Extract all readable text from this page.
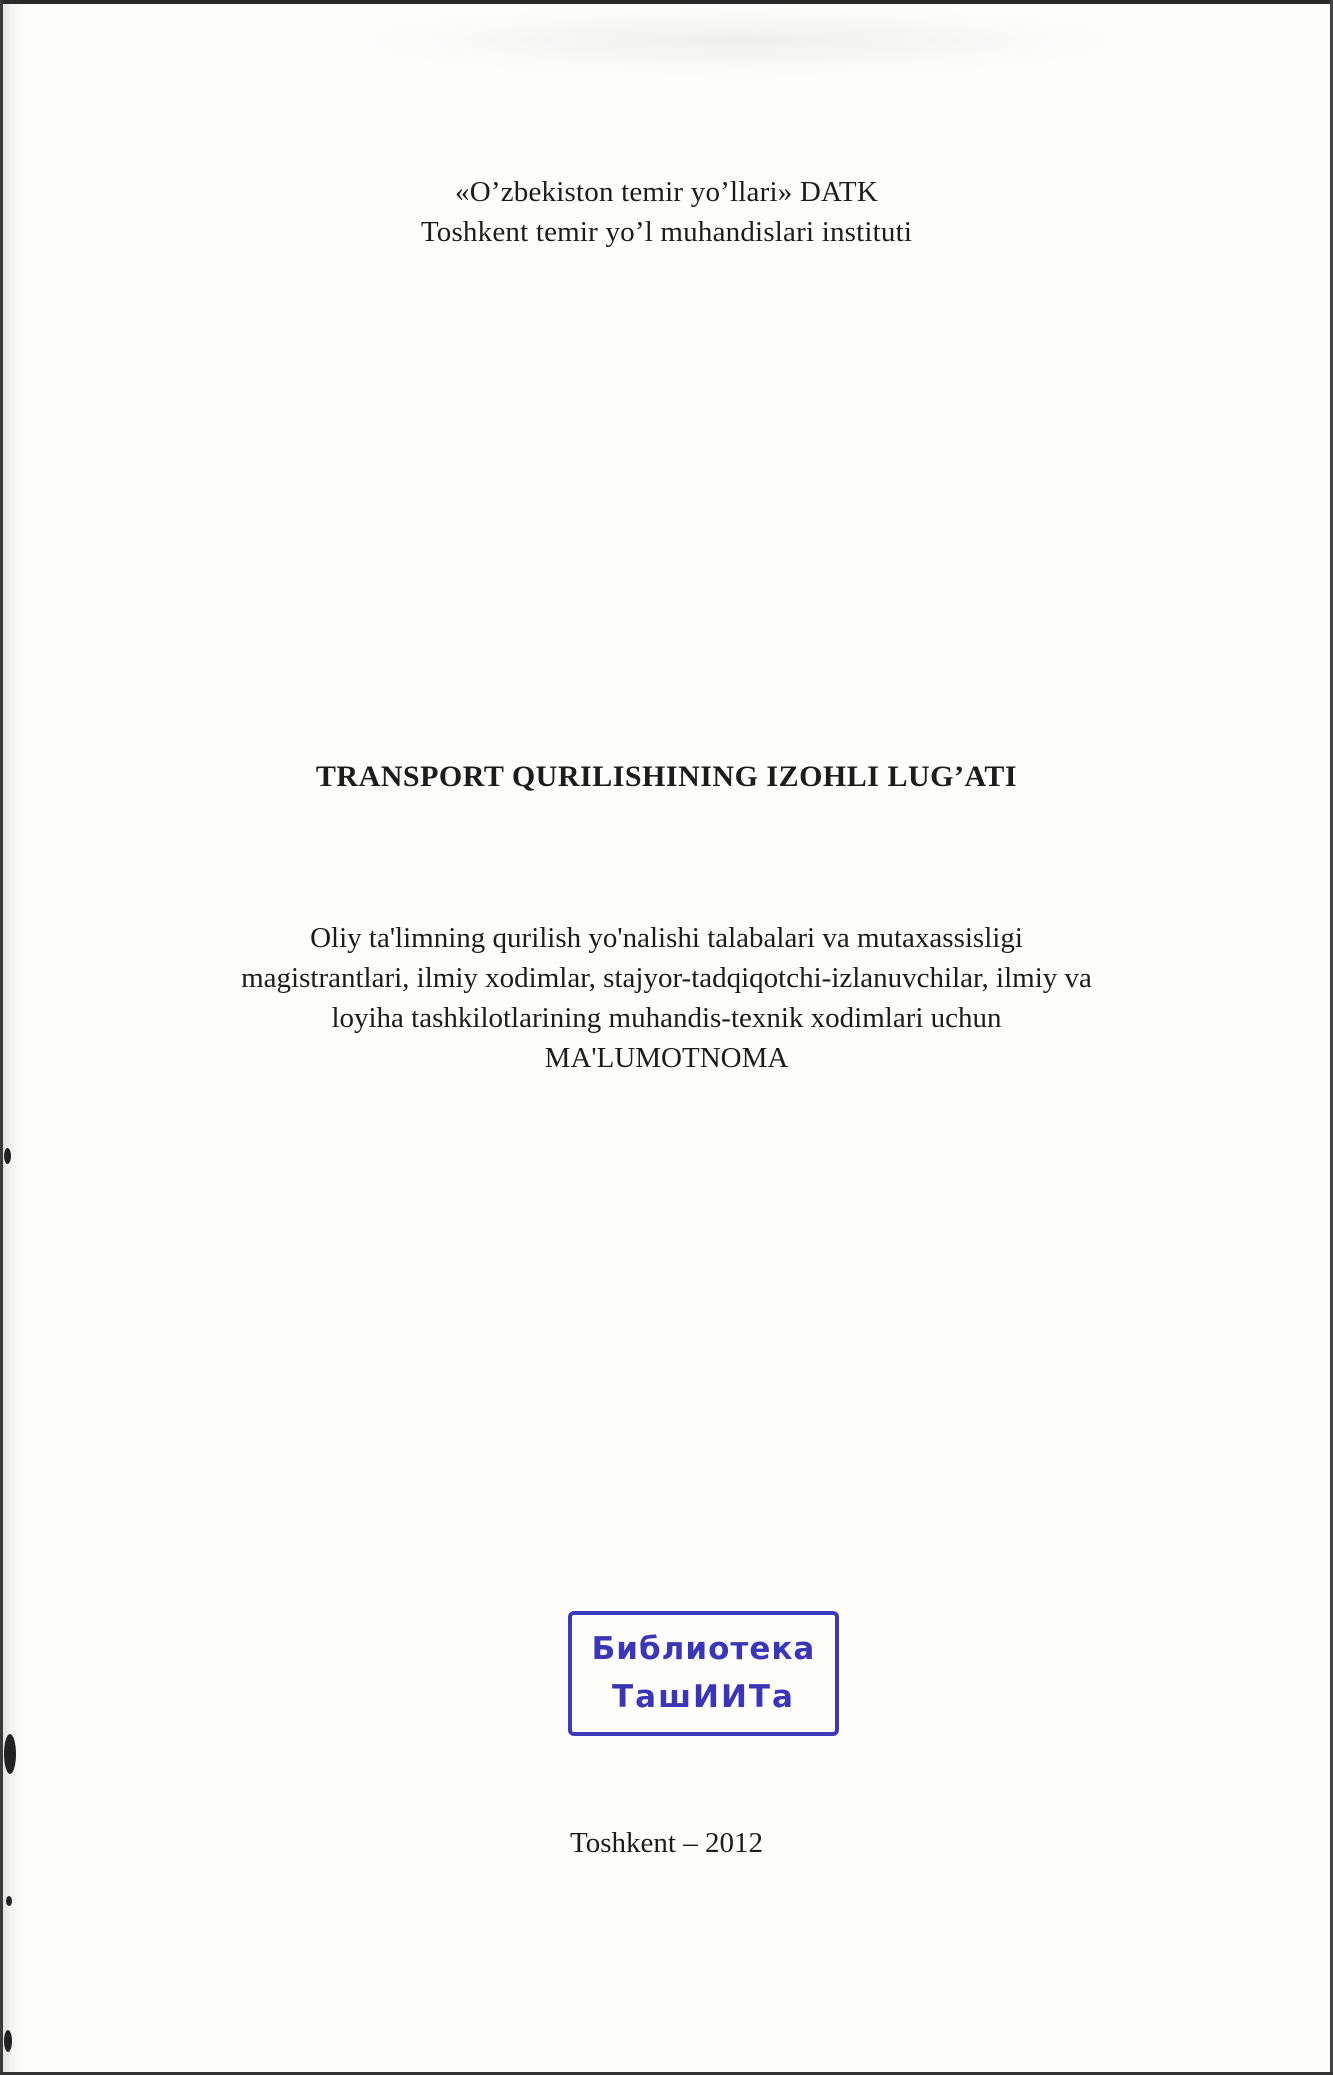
«O’zbekiston temir yo’llari» DATK
Toshkent temir yo’l muhandislari instituti
TRANSPORT QURILISHINING IZOHLI LUG’ATI
Oliy ta'limning qurilish yo'nalishi talabalari va mutaxassisligi
magistrantlari, ilmiy xodimlar, stajyor-tadqiqotchi-izlanuvchilar, ilmiy va
loyiha tashkilotlarining muhandis-texnik xodimlari uchun
MA'LUMOTNOMA
Библиотека
ТашИИТа
Toshkent – 2012
